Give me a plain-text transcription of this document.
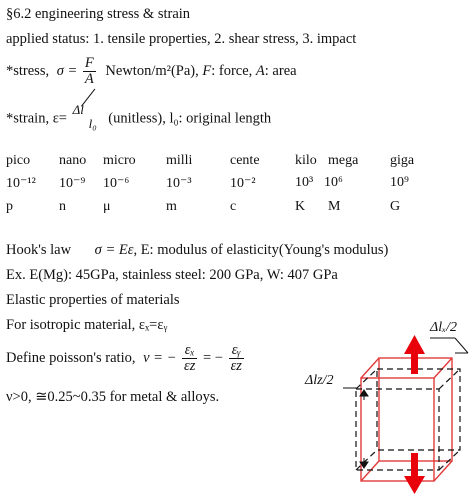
§6.2 engineering stress & strain
applied status: 1. tensile properties, 2. shear stress, 3. impact
*stress, $\sigma = \frac{F}{A}$ Newton/m²(Pa), F: force, A: area
*strain, ε=
Δl
l₀ (unitless), l₀: original length
pico nano micro milli	cente	kilo mega giga
10⁻¹² 10⁻⁹ 10⁻⁶	10⁻³	10⁻²	10³ 10⁶	10⁹
p	n	μ	m	c	K M	G
Hook's law σ = Eε, E: modulus of elasticity(Young's modulus)
Ex. E(Mg): 45GPa, stainless steel: 200 GPa, W: 407 GPa
Elastic properties of materials
For isotropic material, εₓ=εᵧ
Define poisson's ratio, ν = − $\frac{\text{εₓ}}{\varepsilon z}$ = − $\frac{\text{εᵧ}}{\varepsilon z}$
ν>0, ≅0.25~0.35 for metal & alloys.
Δlₓ/2
Δlz/2
